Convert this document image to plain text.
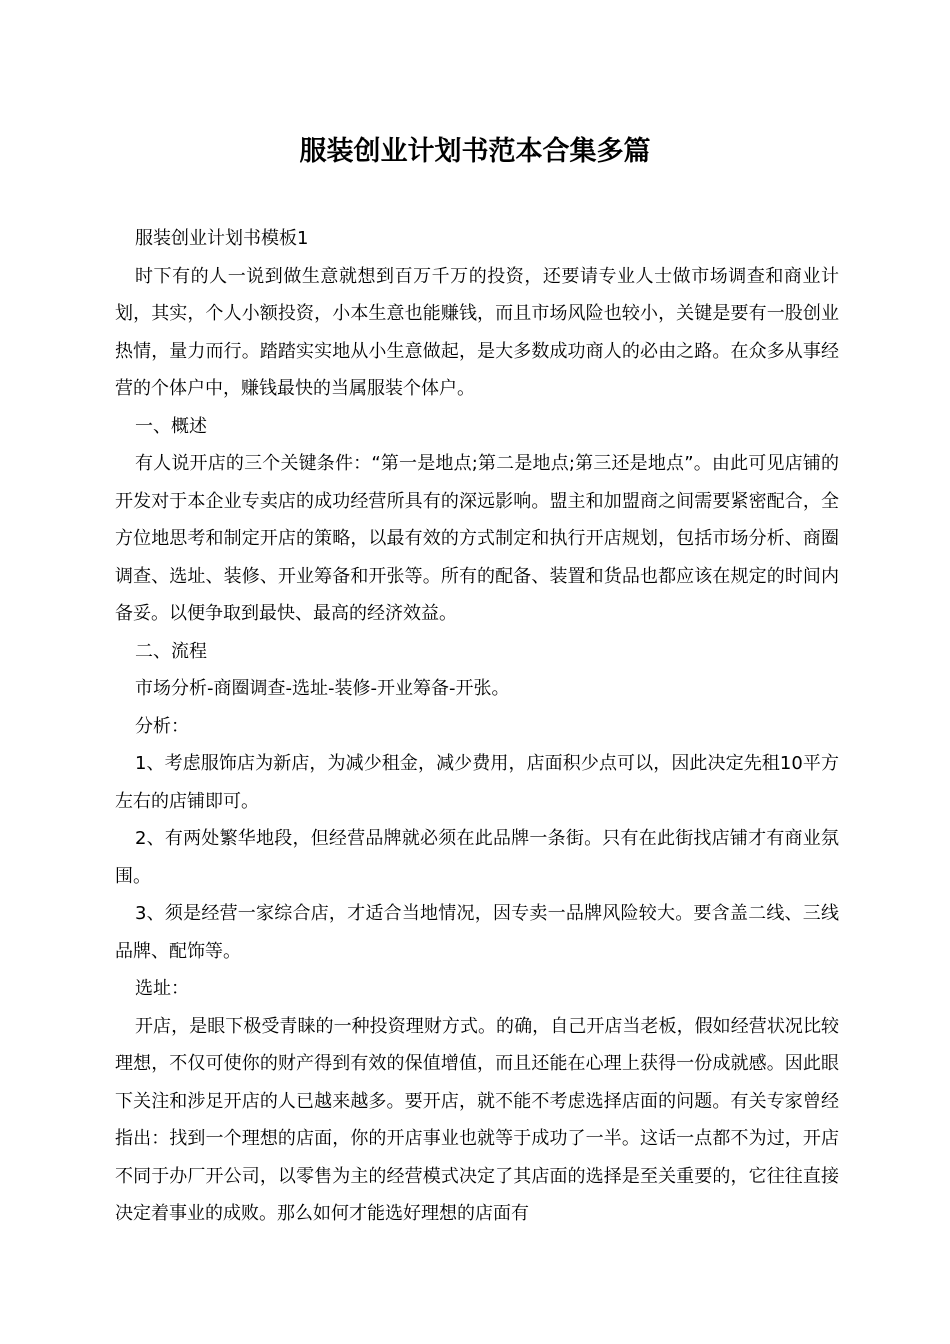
服装创业计划书范本合集多篇

服装创业计划书模板1

时下有的人一说到做生意就想到百万千万的投资，还要请专业人士做市场调查和商业计划，其实，个人小额投资，小本生意也能赚钱，而且市场风险也较小，关键是要有一股创业热情，量力而行。踏踏实实地从小生意做起，是大多数成功商人的必由之路。在众多从事经营的个体户中，赚钱最快的当属服装个体户。

一、概述

有人说开店的三个关键条件：“第一是地点;第二是地点;第三还是地点”。由此可见店铺的开发对于本企业专卖店的成功经营所具有的深远影响。盟主和加盟商之间需要紧密配合，全方位地思考和制定开店的策略，以最有效的方式制定和执行开店规划，包括市场分析、商圈调查、选址、装修、开业筹备和开张等。所有的配备、装置和货品也都应该在规定的时间内备妥。以便争取到最快、最高的经济效益。

二、流程

市场分析-商圈调查-选址-装修-开业筹备-开张。

分析：

1、考虑服饰店为新店，为减少租金，减少费用，店面积少点可以，因此决定先租10平方左右的店铺即可。

2、有两处繁华地段，但经营品牌就必须在此品牌一条街。只有在此街找店铺才有商业氛围。

3、须是经营一家综合店，才适合当地情况，因专卖一品牌风险较大。要含盖二线、三线品牌、配饰等。

选址：

开店，是眼下极受青睐的一种投资理财方式。的确，自己开店当老板，假如经营状况比较理想，不仅可使你的财产得到有效的保值增值，而且还能在心理上获得一份成就感。因此眼下关注和涉足开店的人已越来越多。要开店，就不能不考虑选择店面的问题。有关专家曾经指出：找到一个理想的店面，你的开店事业也就等于成功了一半。这话一点都不为过，开店不同于办厂开公司，以零售为主的经营模式决定了其店面的选择是至关重要的，它往往直接决定着事业的成败。那么如何才能选好理想的店面有
